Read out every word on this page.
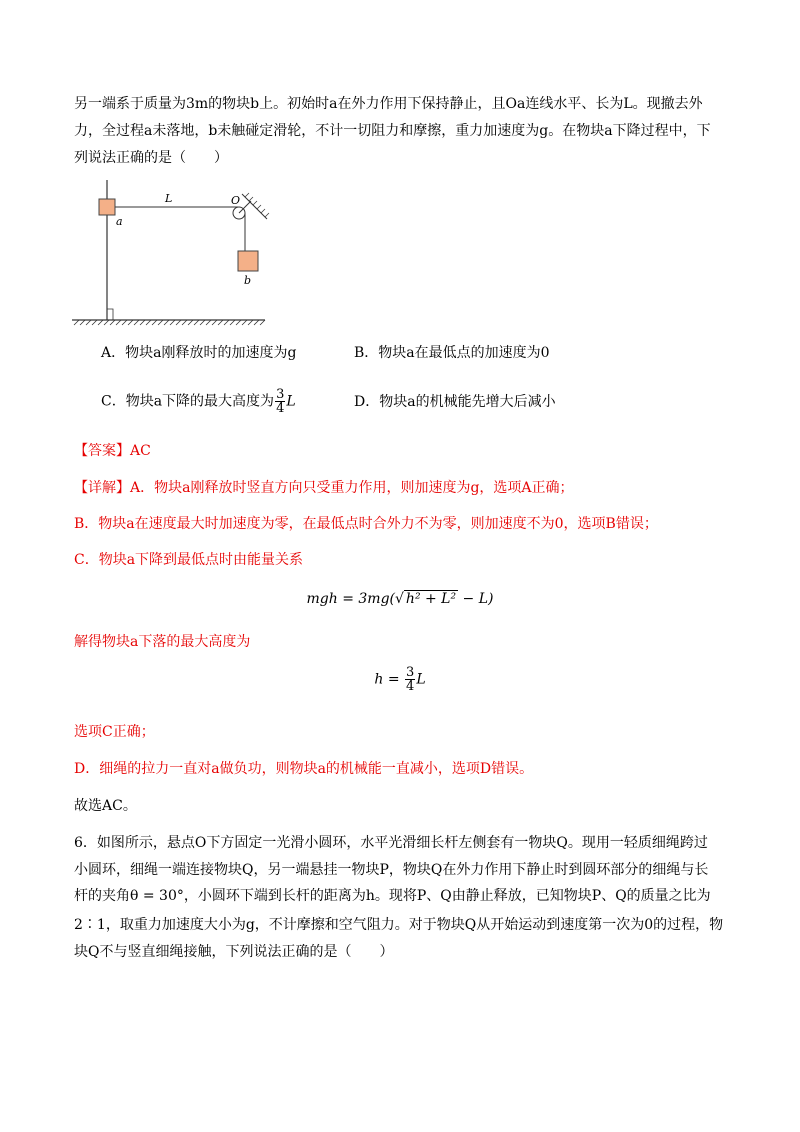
另一端系于质量为3m的物块b上。初始时a在外力作用下保持静止，且Oa连线水平、长为L。现撤去外
力，全过程a未落地，b未触碰定滑轮，不计一切阻力和摩擦，重力加速度为g。在物块a下降过程中，下
列说法正确的是（　　）
L	O
a
b
A．物块a刚释放时的加速度为g	B．物块a在最低点的加速度为0
C．物块a下降的最大高度为 $\frac{3}{4}$ L	D．物块a的机械能先增大后减小
【答案】AC
【详解】A．物块a刚释放时竖直方向只受重力作用，则加速度为g，选项A正确；
B．物块a在速度最大时加速度为零，在最低点时合外力不为零，则加速度不为0，选项B错误；
C．物块a下降到最低点时由能量关系
mgh = 3mg(√ h² + L² − L)
解得物块a下落的最大高度为
$h = \frac{3}{4}$ L
选项C正确；
D．细绳的拉力一直对a做负功，则物块a的机械能一直减小，选项D错误。
故选AC。
6．如图所示，悬点O下方固定一光滑小圆环，水平光滑细长杆左侧套有一物块Q。现用一轻质细绳跨过
小圆环，细绳一端连接物块Q，另一端悬挂一物块P，物块Q在外力作用下静止时到圆环部分的细绳与长
杆的夹角θ = 30°，小圆环下端到长杆的距离为h。现将P、Q由静止释放，已知物块P、Q的质量之比为
2∶1，取重力加速度大小为g，不计摩擦和空气阻力。对于物块Q从开始运动到速度第一次为0的过程，物
块Q不与竖直细绳接触，下列说法正确的是（　　）
